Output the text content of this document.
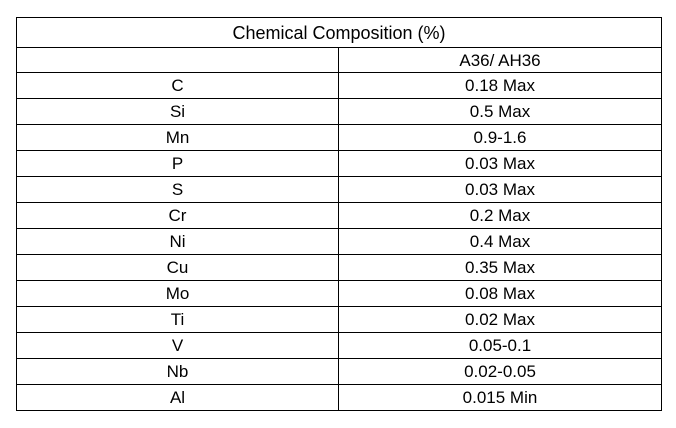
Chemical Composition (%)	
	A36/ AH36
C	0.18 Max
Si	0.5 Max
Mn	0.9-1.6
P	0.03 Max
S	0.03 Max
Cr	0.2 Max
Ni	0.4 Max
Cu	0.35 Max
Mo	0.08 Max
Ti	0.02 Max
V	0.05-0.1
Nb	0.02-0.05
Al	0.015 Min
